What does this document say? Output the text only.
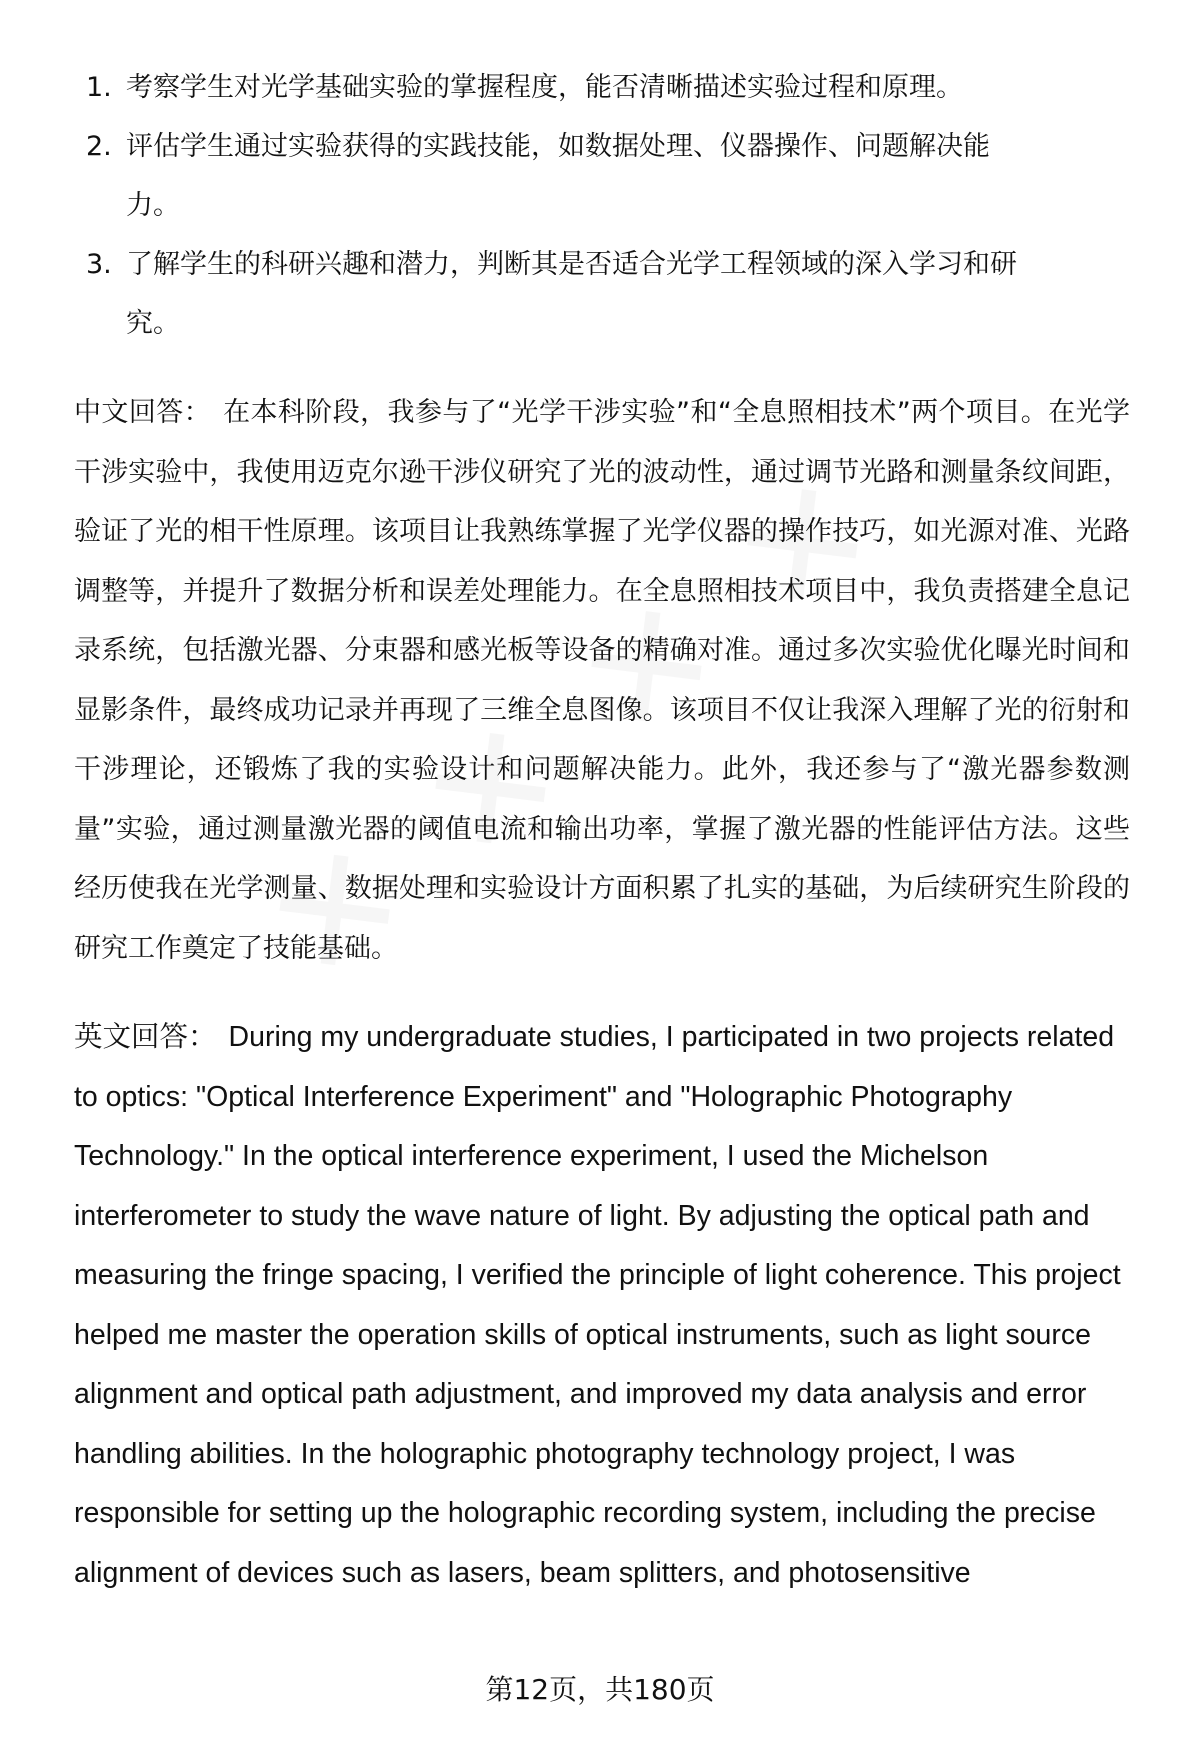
1. 考察学生对光学基础实验的掌握程度，能否清晰描述实验过程和原理。
2. 评估学生通过实验获得的实践技能，如数据处理、仪器操作、问题解决能力。
3. 了解学生的科研兴趣和潜力，判断其是否适合光学工程领域的深入学习和研究。

中文回答： 在本科阶段，我参与了“光学干涉实验”和“全息照相技术”两个项目。在光学干涉实验中，我使用迈克尔逊干涉仪研究了光的波动性，通过调节光路和测量条纹间距，验证了光的相干性原理。该项目让我熟练掌握了光学仪器的操作技巧，如光源对准、光路调整等，并提升了数据分析和误差处理能力。在全息照相技术项目中，我负责搭建全息记录系统，包括激光器、分束器和感光板等设备的精确对准。通过多次实验优化曝光时间和显影条件，最终成功记录并再现了三维全息图像。该项目不仅让我深入理解了光的衍射和干涉理论，还锻炼了我的实验设计和问题解决能力。此外，我还参与了“激光器参数测量”实验，通过测量激光器的阈值电流和输出功率，掌握了激光器的性能评估方法。这些经历使我在光学测量、数据处理和实验设计方面积累了扎实的基础，为后续研究生阶段的研究工作奠定了技能基础。

英文回答： During my undergraduate studies, I participated in two projects related to optics: "Optical Interference Experiment" and "Holographic Photography Technology." In the optical interference experiment, I used the Michelson interferometer to study the wave nature of light. By adjusting the optical path and measuring the fringe spacing, I verified the principle of light coherence. This project helped me master the operation skills of optical instruments, such as light source alignment and optical path adjustment, and improved my data analysis and error handling abilities. In the holographic photography technology project, I was responsible for setting up the holographic recording system, including the precise alignment of devices such as lasers, beam splitters, and photosensitive

第12页，共180页
